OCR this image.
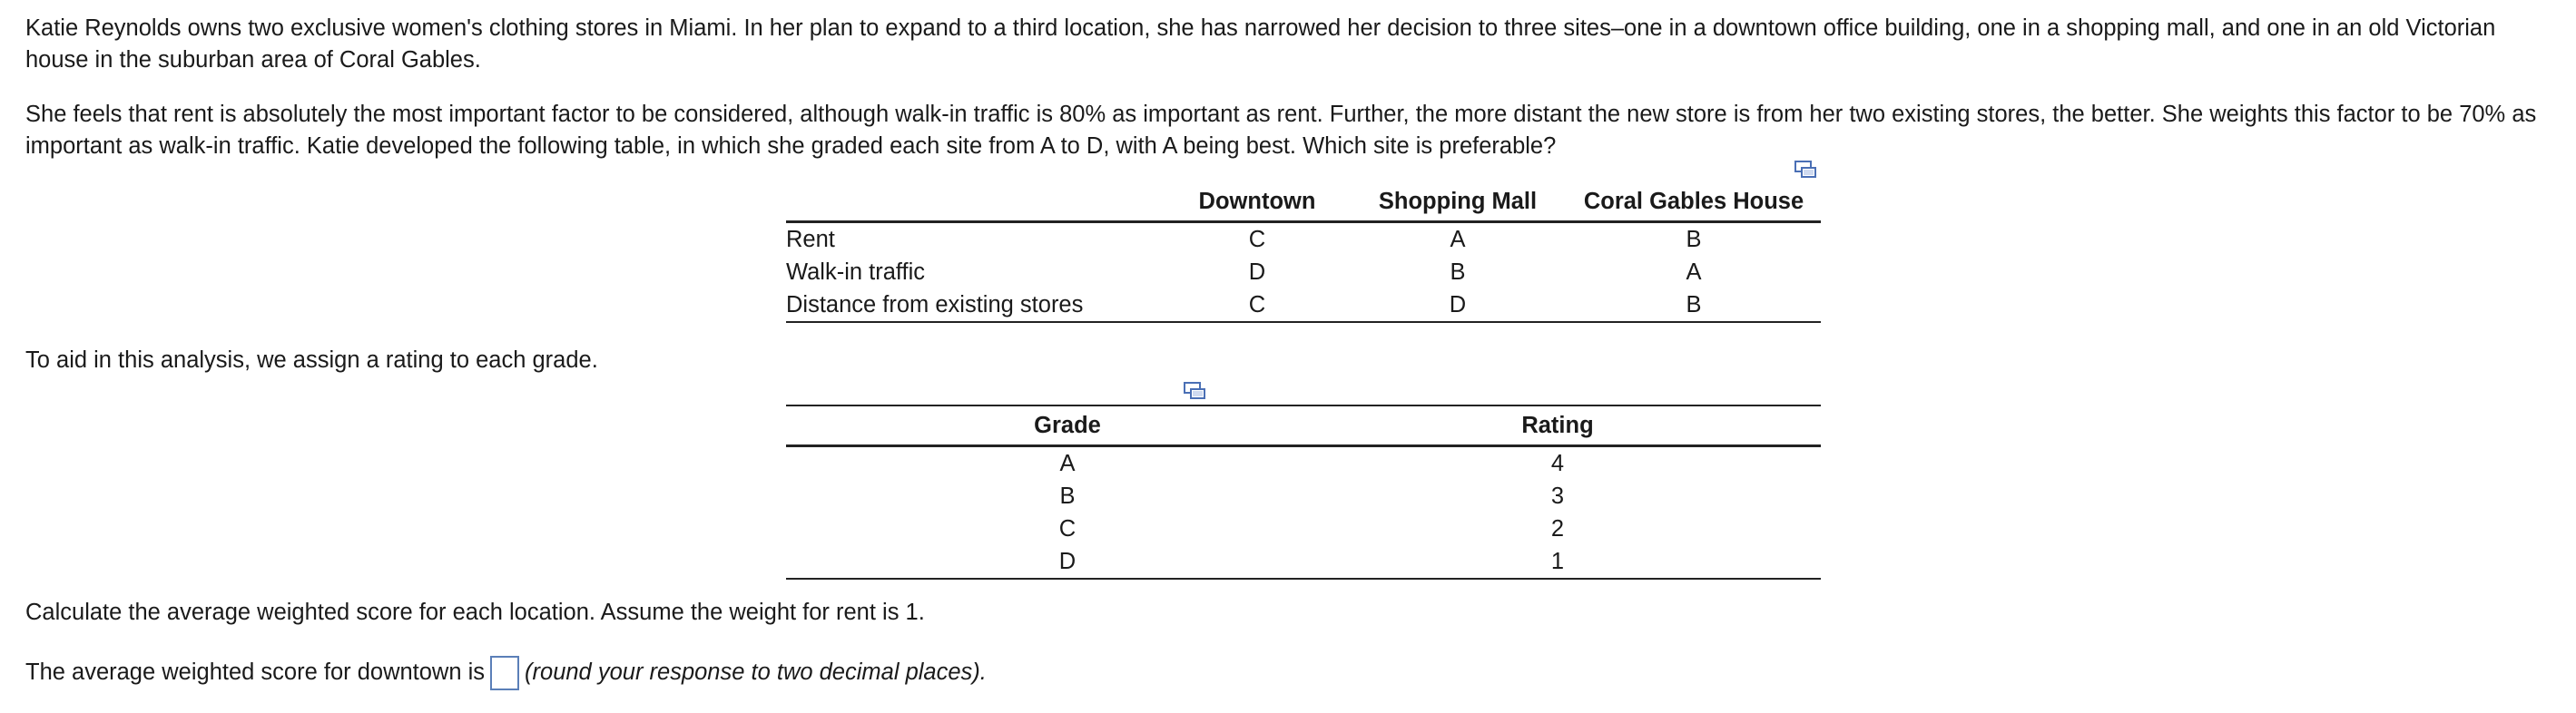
Katie Reynolds owns two exclusive women's clothing stores in Miami. In her plan to expand to a third location, she has narrowed her decision to three sites–one in a downtown office building, one in a shopping mall, and one in an old Victorian house in the suburban area of Coral Gables.

She feels that rent is absolutely the most important factor to be considered, although walk-in traffic is 80% as important as rent. Further, the more distant the new store is from her two existing stores, the better. She weights this factor to be 70% as important as walk-in traffic. Katie developed the following table, in which she graded each site from A to D, with A being best. Which site is preferable?

	Downtown	Shopping Mall	Coral Gables House
Rent	C	A	B
Walk-in traffic	D	B	A
Distance from existing stores	C	D	B
To aid in this analysis, we assign a rating to each grade.
Grade	Rating
A	4
B	3
C	2
D	1
Calculate the average weighted score for each location. Assume the weight for rent is 1.
The average weighted score for downtown is (round your response to two decimal places).
